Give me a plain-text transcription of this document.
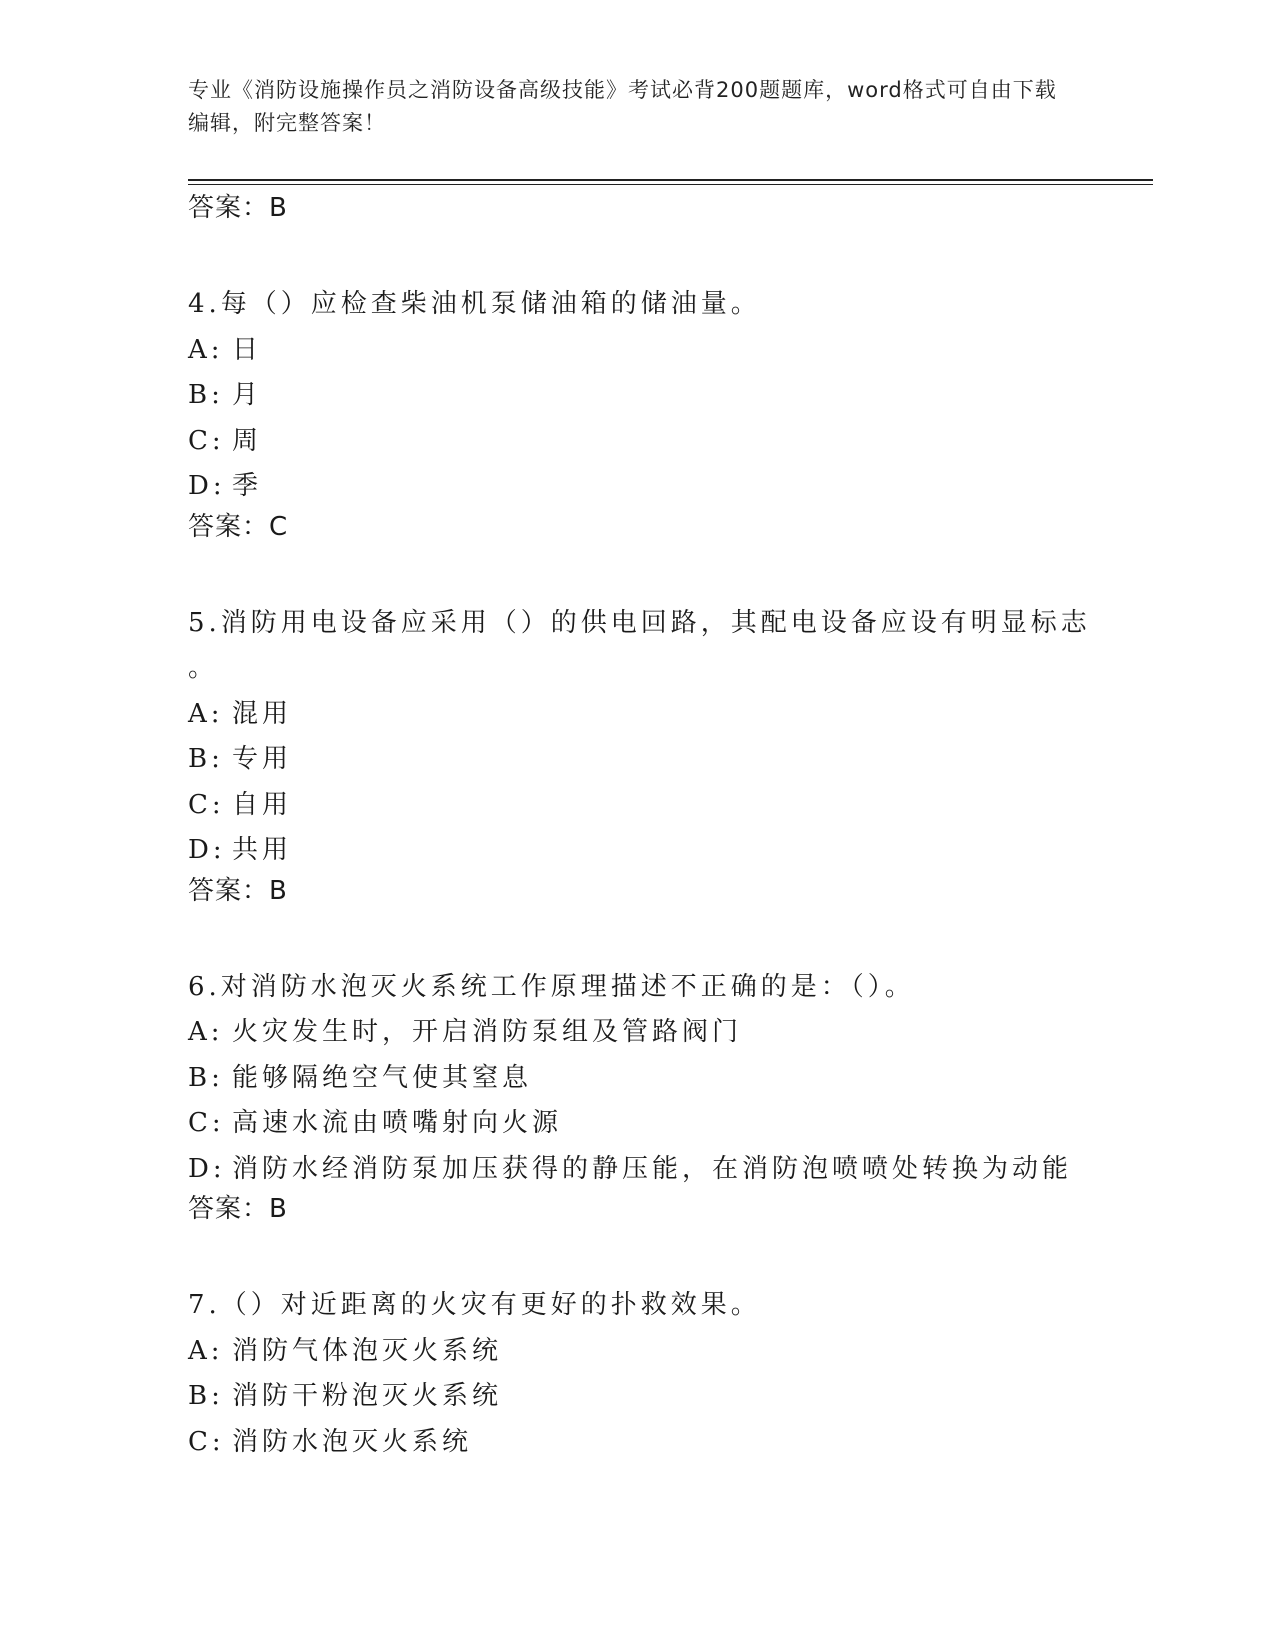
专业《消防设施操作员之消防设备高级技能》考试必背200题题库，word格式可自由下载编辑，附完整答案！
答案：B
4.每（）应检查柴油机泵储油箱的储油量。
A: 日
B: 月
C: 周
D: 季
答案：C
5.消防用电设备应采用（）的供电回路，其配电设备应设有明显标志
。
A: 混用
B: 专用
C: 自用
D: 共用
答案：B
6.对消防水泡灭火系统工作原理描述不正确的是：（）。
A: 火灾发生时，开启消防泵组及管路阀门
B: 能够隔绝空气使其窒息
C: 高速水流由喷嘴射向火源
D: 消防水经消防泵加压获得的静压能，在消防泡喷喷处转换为动能
答案：B
7.（）对近距离的火灾有更好的扑救效果。
A: 消防气体泡灭火系统
B: 消防干粉泡灭火系统
C: 消防水泡灭火系统
